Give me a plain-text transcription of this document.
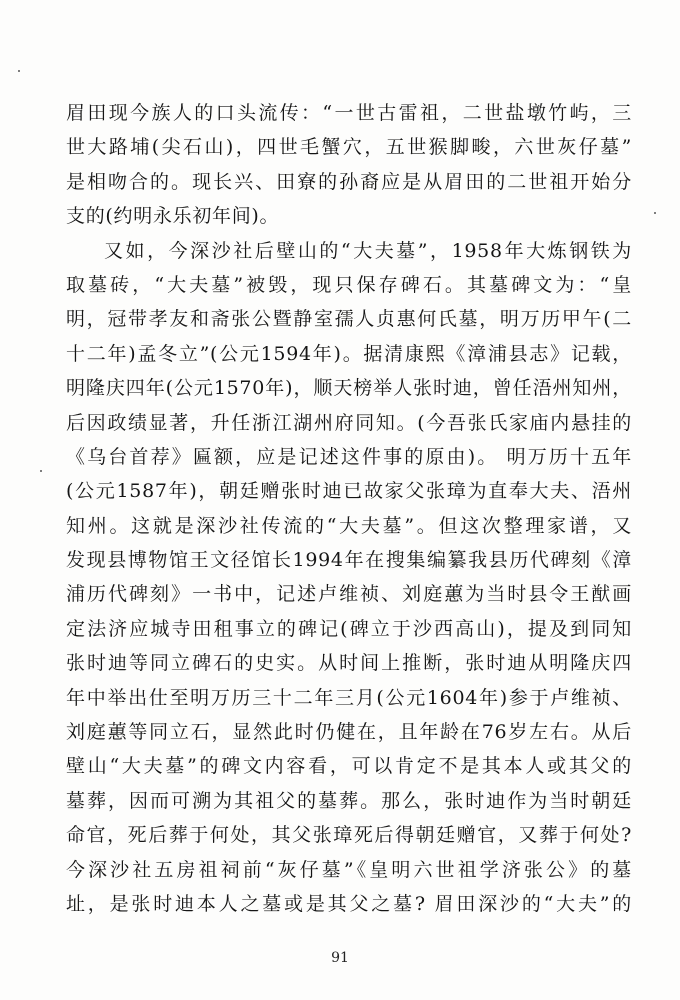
眉田现今族人的口头流传：“一世古雷祖，二世盐墩竹屿，三
世大路埔(尖石山)，四世毛蟹穴，五世猴脚畯，六世灰仔墓”
是相吻合的。现长兴、田寮的孙裔应是从眉田的二世祖开始分
支的(约明永乐初年间)。
又如，今深沙社后壁山的“大夫墓”，1958年大炼钢铁为
取墓砖，“大夫墓”被毁，现只保存碑石。其墓碑文为：“皇
明，冠带孝友和斋张公暨静室孺人贞惠何氏墓，明万历甲午(二
十二年)孟冬立”(公元1594年)。据清康熙《漳浦县志》记载，
明隆庆四年(公元1570年)，顺天榜举人张时迪，曾任浯州知州，
后因政绩显著，升任浙江湖州府同知。(今吾张氏家庙内悬挂的
《乌台首荐》匾额，应是记述这件事的原由)。 明万历十五年
(公元1587年)，朝廷赠张时迪已故家父张璋为直奉大夫、浯州
知州。这就是深沙社传流的“大夫墓”。但这次整理家谱，又
发现县博物馆王文径馆长1994年在搜集编纂我县历代碑刻《漳
浦历代碑刻》一书中，记述卢维祯、刘庭蕙为当时县令王猷画
定法济应城寺田租事立的碑记(碑立于沙西高山)，提及到同知
张时迪等同立碑石的史实。从时间上推断，张时迪从明隆庆四
年中举出仕至明万历三十二年三月(公元1604年)参于卢维祯、
刘庭蕙等同立石，显然此时仍健在，且年龄在76岁左右。从后
壁山“大夫墓”的碑文内容看，可以肯定不是其本人或其父的
墓葬，因而可溯为其祖父的墓葬。那么，张时迪作为当时朝廷
命官，死后葬于何处，其父张璋死后得朝廷赠官，又葬于何处?
今深沙社五房祖祠前“灰仔墓”《皇明六世祖学济张公》的墓
址，是张时迪本人之墓或是其父之墓? 眉田深沙的“大夫”的
91
